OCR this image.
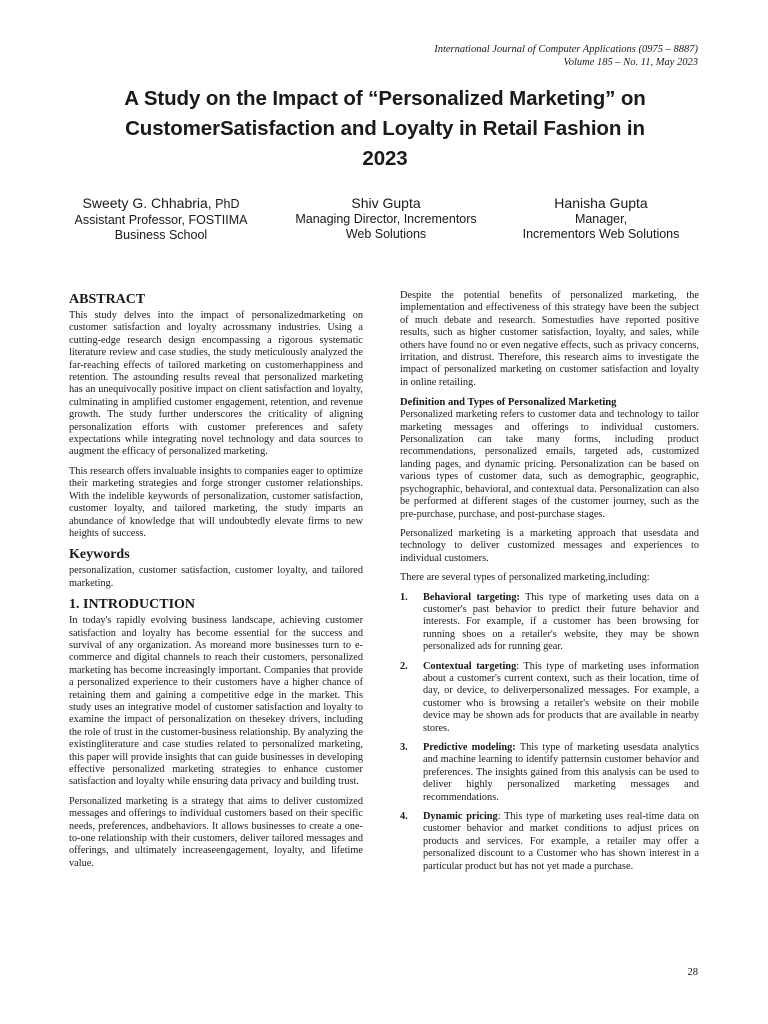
International Journal of Computer Applications (0975 – 8887)
Volume 185 – No. 11, May 2023
A Study on the Impact of “Personalized Marketing” on
CustomerSatisfaction and Loyalty in Retail Fashion in
2023
Sweety G. Chhabria, PhD
Assistant Professor, FOSTIIMA
Business School
Shiv Gupta
Managing Director, Incrementors
Web Solutions
Hanisha Gupta
Manager,
Incrementors Web Solutions
ABSTRACT

This study delves into the impact of personalizedmarketing on customer satisfaction and loyalty acrossmany industries. Using a cutting-edge research design encompassing a rigorous systematic literature review and case studies, the study meticulously analyzed the far-reaching effects of tailored marketing on customerhappiness and retention. The astounding results reveal that personalized marketing has an unequivocally positive impact on client satisfaction and loyalty, culminating in amplified customer engagement, retention, and revenue growth. The study further underscores the criticality of aligning personalization efforts with customer preferences and safety expectations while integrating novel technology and data sources to augment the efficacy of personalized marketing.

This research offers invaluable insights to companies eager to optimize their marketing strategies and forge stronger customer relationships. With the indelible keywords of personalization, customer satisfaction, customer loyalty, and tailored marketing, the study imparts an abundance of knowledge that will undoubtedly elevate firms to new heights of success.

Keywords

personalization, customer satisfaction, customer loyalty, and tailored marketing.

1. INTRODUCTION

In today's rapidly evolving business landscape, achieving customer satisfaction and loyalty has become essential for the success and survival of any organization. As moreand more businesses turn to e-commerce and digital channels to reach their customers, personalized marketing has become increasingly important. Companies that provide a personalized experience to their customers have a higher chance of retaining them and gaining a competitive edge in the market. This study uses an integrative model of customer satisfaction and loyalty to examine the impact of personalization on thesekey drivers, including the role of trust in the customer-business relationship. By analyzing the existingliterature and case studies related to personalized marketing, this paper will provide insights that can guide businesses in developing effective personalized marketing strategies to enhance customer satisfaction and loyalty while ensuring data privacy and building trust.

Personalized marketing is a strategy that aims to deliver customized messages and offerings to individual customers based on their specific needs, preferences, andbehaviors. It allows businesses to create a one-to-one relationship with their customers, deliver tailored messages and offerings, and ultimately increaseengagement, loyalty, and lifetime value.

Despite the potential benefits of personalized marketing, the implementation and effectiveness of this strategy have been the subject of much debate and research. Somestudies have reported positive results, such as higher customer satisfaction, loyalty, and sales, while others have found no or even negative effects, such as privacy concerns, irritation, and distrust. Therefore, this research aims to investigate the impact of personalized marketing on customer satisfaction and loyalty in online retailing.

Definition and Types of Personalized Marketing

Personalized marketing refers to customer data and technology to tailor marketing messages and offerings to individual customers. Personalization can take many forms, including product recommendations, personalized emails, targeted ads, customized landing pages, and dynamic pricing. Personalization can be based on various types of customer data, such as demographic, geographic, psychographic, behavioral, and contextual data. Personalization can also be performed at different stages of the customer journey, such as the pre-purchase, purchase, and post-purchase stages.

Personalized marketing is a marketing approach that usesdata and technology to deliver customized messages and experiences to individual customers.

There are several types of personalized marketing,including:

1. Behavioral targeting: This type of marketing uses data on a customer's past behavior to predict their future behavior and interests. For example, if a customer has been browsing for running shoes on a retailer's website, they may be shown personalized ads for running gear.
2. Contextual targeting: This type of marketing uses information about a customer's current context, such as their location, time of day, or device, to deliverpersonalized messages. For example, a customer who is browsing a retailer's website on their mobile device may be shown ads for products that are available in nearby stores.
3. Predictive modeling: This type of marketing usesdata analytics and machine learning to identify patternsin customer behavior and preferences. The insights gained from this analysis can be used to deliver highly personalized marketing messages and recommendations.
4. Dynamic pricing: This type of marketing uses real-time data on customer behavior and market conditions to adjust prices on products and services. For example, a retailer may offer a personalized discount to a Customer who has shown interest in a particular product but has not yet made a purchase.
28
